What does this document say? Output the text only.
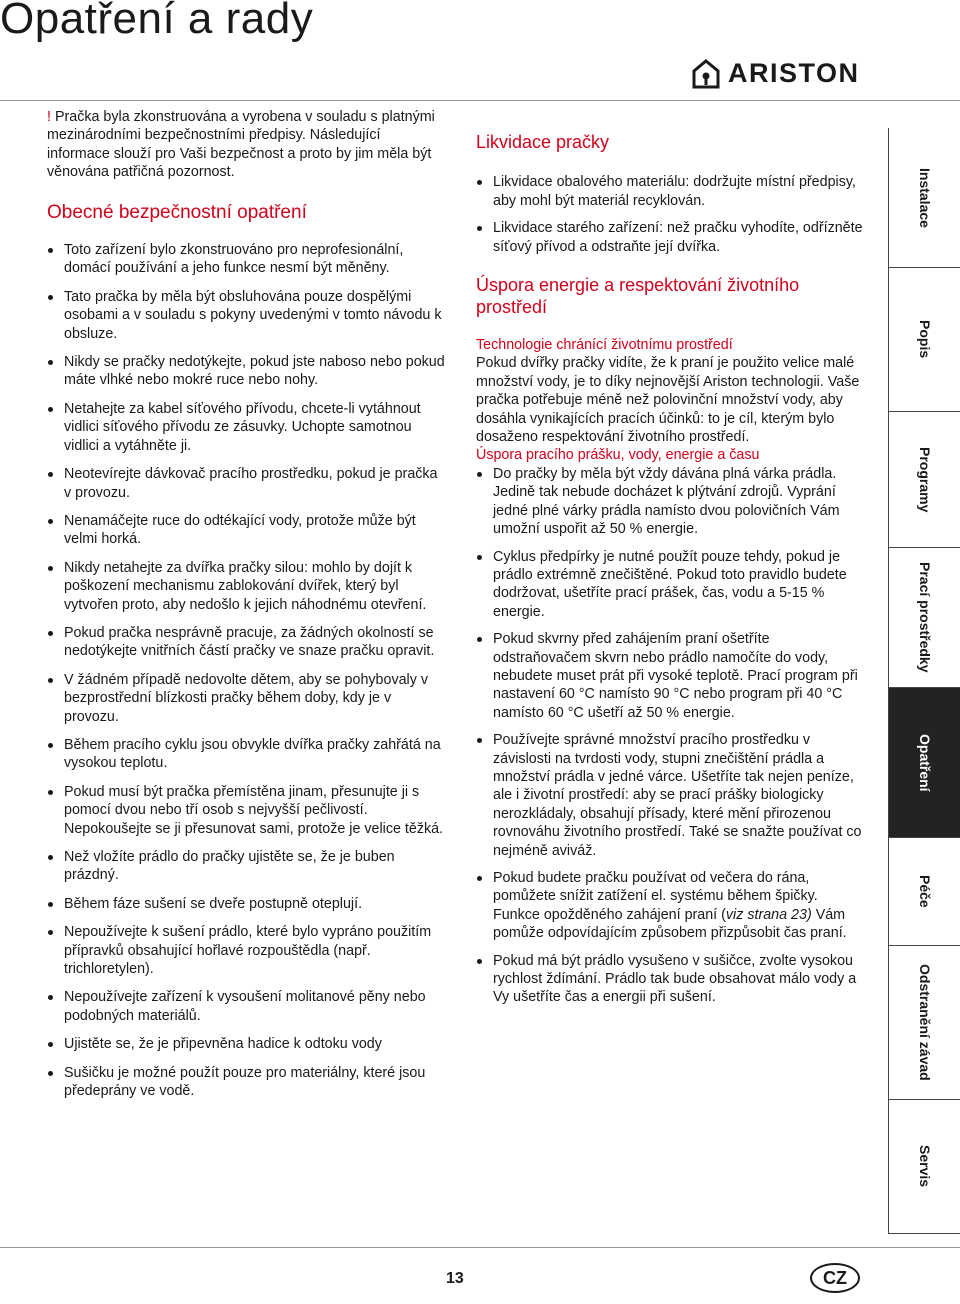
Opatření a rady
ARISTON

! Pračka byla zkonstruována a vyrobena v souladu s platnými mezinárodními bezpečnostními předpisy. Následující informace slouží pro Vaši bezpečnost a proto by jim měla být věnována patřičná pozornost.

Obecné bezpečnostní opatření
Toto zařízení bylo zkonstruováno pro neprofesionální, domácí používání a jeho funkce nesmí být měněny.
Tato pračka by měla být obsluhována pouze dospělými osobami a v souladu s pokyny uvedenými v tomto návodu k obsluze.
Nikdy se pračky nedotýkejte, pokud jste naboso nebo pokud máte vlhké nebo mokré ruce nebo nohy.
Netahejte za kabel síťového přívodu, chcete-li vytáhnout vidlici síťového přívodu ze zásuvky. Uchopte samotnou vidlici a vytáhněte ji.
Neotevírejte dávkovač pracího prostředku, pokud je pračka v provozu.
Nenamáčejte ruce do odtékající vody, protože může být velmi horká.
Nikdy netahejte za dvířka pračky silou: mohlo by dojít k poškození mechanismu zablokování dvířek, který byl vytvořen proto, aby nedošlo k jejich náhodnému otevření.
Pokud pračka nesprávně pracuje, za žádných okolností se nedotýkejte vnitřních částí pračky ve snaze pračku opravit.
V žádném případě nedovolte dětem, aby se pohybovaly v bezprostřední blízkosti pračky během doby, kdy je v provozu.
Během pracího cyklu jsou obvykle dvířka pračky zahřátá na vysokou teplotu.
Pokud musí být pračka přemístěna jinam, přesunujte ji s pomocí dvou nebo tří osob s nejvyšší pečlivostí. Nepokoušejte se ji přesunovat sami, protože je velice těžká.
Než vložíte prádlo do pračky ujistěte se, že je buben prázdný.
Během fáze sušení se dveře postupně oteplují.
Nepoužívejte k sušení prádlo, které bylo vypráno použitím přípravků obsahující hořlavé rozpouštědla (např. trichloretylen).
Nepoužívejte zařízení k vysoušení molitanové pěny nebo podobných materiálů.
Ujistěte se, že je připevněna hadice k odtoku vody
Sušičku je možné použít pouze pro materiálny, které jsou předeprány ve vodě.
Likvidace pračky
Likvidace obalového materiálu: dodržujte místní předpisy, aby mohl být materiál recyklován.
Likvidace starého zařízení: než pračku vyhodíte, odřízněte síťový přívod a odstraňte její dvířka.
Úspora energie a respektování životního prostředí

Technologie chránící životnímu prostředí

Pokud dvířky pračky vidíte, že k praní je použito velice malé množství vody, je to díky nejnovější Ariston technologii. Vaše pračka potřebuje méně než polovinční množství vody, aby dosáhla vynikajících pracích účinků: to je cíl, kterým bylo dosaženo respektování životního prostředí.

Úspora pracího prášku, vody, energie a času

Do pračky by měla být vždy dávána plná várka prádla. Jedině tak nebude docházet k plýtvání zdrojů. Vyprání jedné plné várky prádla namísto dvou polovičních Vám umožní uspořit až 50 % energie.
Cyklus předpírky je nutné použít pouze tehdy, pokud je prádlo extrémně znečištěné. Pokud toto pravidlo budete dodržovat, ušetříte prací prášek, čas, vodu a 5-15 % energie.
Pokud skvrny před zahájením praní ošetříte odstraňovačem skvrn nebo prádlo namočíte do vody, nebudete muset prát při vysoké teplotě. Prací program při nastavení 60 °C namísto 90 °C nebo program při 40 °C namísto 60 °C ušetří až 50 % energie.
Používejte správné množství pracího prostředku v závislosti na tvrdosti vody, stupni znečištění prádla a množství prádla v jedné várce. Ušetříte tak nejen peníze, ale i životní prostředí: aby se prací prášky biologicky nerozkládaly, obsahují přísady, které mění přirozenou rovnováhu životního prostředí. Také se snažte používat co nejméně aviváž.
Pokud budete pračku používat od večera do rána, pomůžete snížit zatížení el. systému během špičky. Funkce opožděného zahájení praní (viz strana 23) Vám pomůže odpovídajícím způsobem přizpůsobit čas praní.
Pokud má být prádlo vysušeno v sušičce, zvolte vysokou rychlost ždímání. Prádlo tak bude obsahovat málo vody a Vy ušetříte čas a energii při sušení.
Instalace
Popis
Programy
Prací prostředky
Opatření
Péče
Odstranění závad
Servis
13	CZ
